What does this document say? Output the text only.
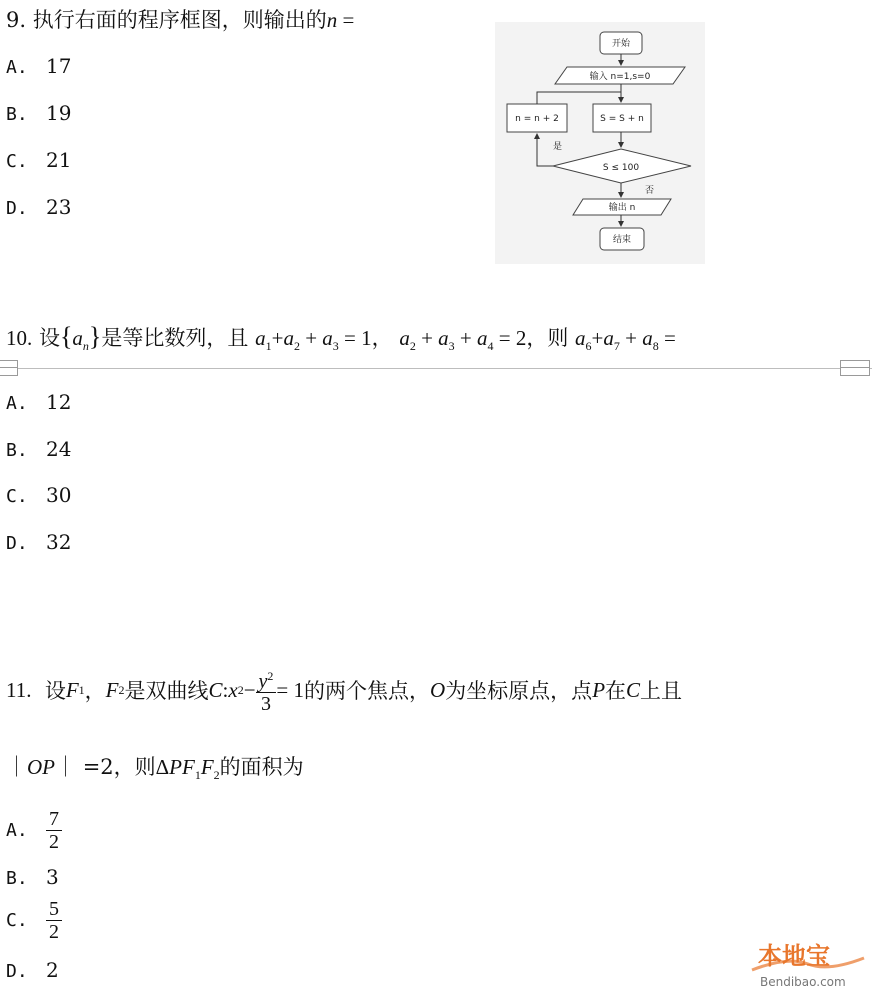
9. 执行右面的程序框图，则输出的n =
A. 17
B. 19
C. 21
D. 23
开始
输入 n=1,s=0
S = S + n
n = n + 2
S ≤ 100
是
否
输出 n
结束
10. 设$\{a_n\}$是等比数列，且 $a_1+a_2 + a_3 = 1$， $a_2 + a_3 + a_4 = 2$，则 $a_6+a_7 + a_8$ =
A. 12
B. 24
C. 30
D. 32
11.
设 F 1 ， F 2 是双曲线 C : x $2 - \frac{y^2}{3} = 1$ 的两个焦点， O 为坐标原点，点 P 在 C 上且
｜OP｜ =2，则$\Delta PF_1F_2$的面积为
A. $\frac{7}{2}$
B. 3
C. $\frac{5}{2}$
D. 2	本地宝
Bendibao.com
